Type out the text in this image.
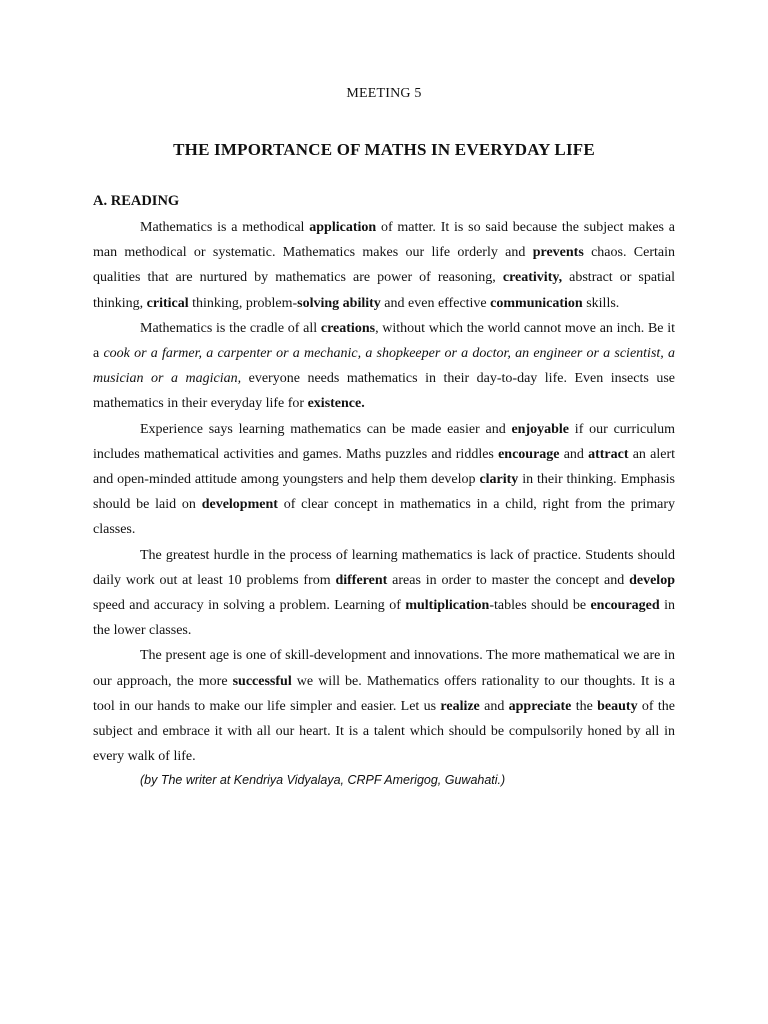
MEETING 5
THE IMPORTANCE OF MATHS IN EVERYDAY LIFE
A. READING

Mathematics is a methodical application of matter. It is so said because the subject makes a man methodical or systematic. Mathematics makes our life orderly and prevents chaos. Certain qualities that are nurtured by mathematics are power of reasoning, creativity, abstract or spatial thinking, critical thinking, problem-solving ability and even effective communication skills.

Mathematics is the cradle of all creations, without which the world cannot move an inch. Be it a cook or a farmer, a carpenter or a mechanic, a shopkeeper or a doctor, an engineer or a scientist, a musician or a magician, everyone needs mathematics in their day-to-day life. Even insects use mathematics in their everyday life for existence.

Experience says learning mathematics can be made easier and enjoyable if our curriculum includes mathematical activities and games. Maths puzzles and riddles encourage and attract an alert and open-minded attitude among youngsters and help them develop clarity in their thinking. Emphasis should be laid on development of clear concept in mathematics in a child, right from the primary classes.

The greatest hurdle in the process of learning mathematics is lack of practice. Students should daily work out at least 10 problems from different areas in order to master the concept and develop speed and accuracy in solving a problem. Learning of multiplication-tables should be encouraged in the lower classes.

The present age is one of skill-development and innovations. The more mathematical we are in our approach, the more successful we will be. Mathematics offers rationality to our thoughts. It is a tool in our hands to make our life simpler and easier. Let us realize and appreciate the beauty of the subject and embrace it with all our heart. It is a talent which should be compulsorily honed by all in every walk of life.

(by The writer at Kendriya Vidyalaya, CRPF Amerigog, Guwahati.)
